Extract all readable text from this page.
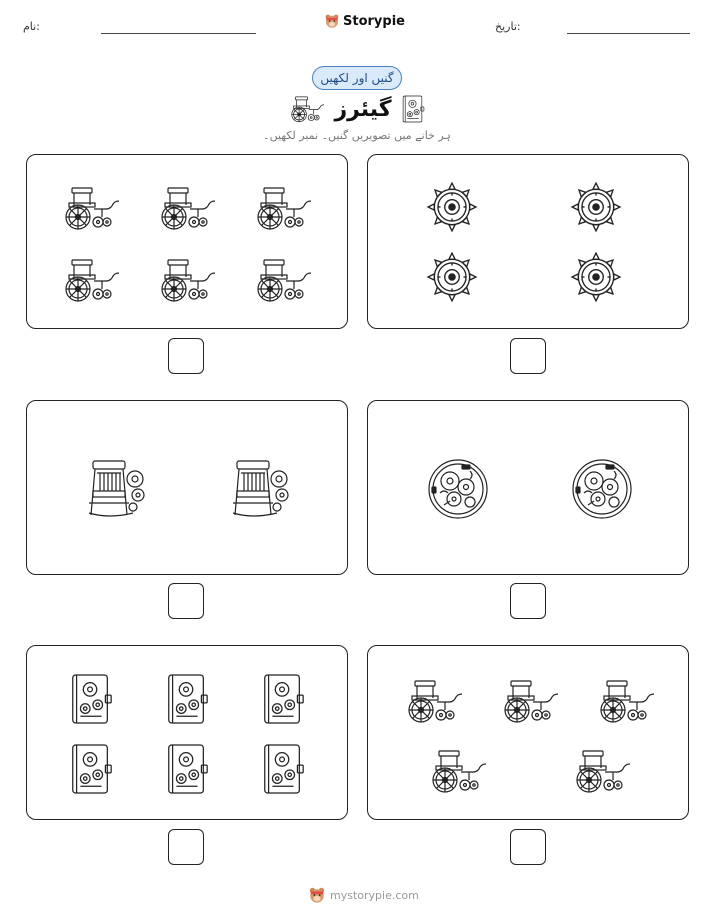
نام:	Storypie	تاریخ:
گنیں اور لکھیں
گیئرز
ہر خانے میں تصویریں گنیں۔ نمبر لکھیں۔
mystorypie.com
